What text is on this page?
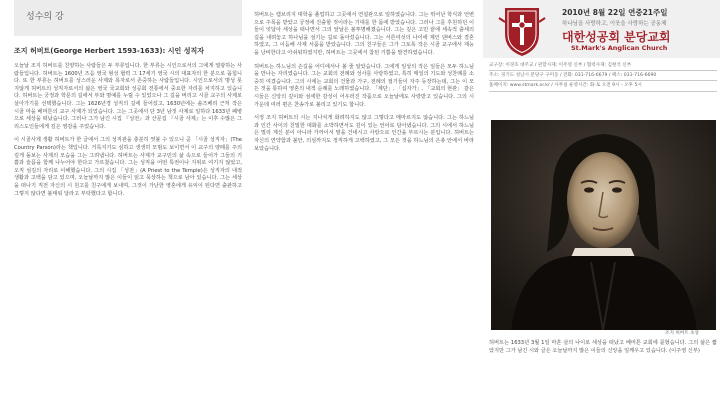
성수의 강
조지 허버트(George Herbert 1593-1633): 시인 성직자

오늘날 조지 허버트를 친양하는 사람들은 두 부류입니다. 한 부류는 시인으로서의 그에게 열광하는 사람들입니다. 허버트는 1600년 즈음 영국 형성 협력 그 17세기 영국 시의 대표자의 한 분으로 꼽힙니다. 또 한 부류는 허버트를 성스러운 사제와 목자로서 존중하는 사람들입니다. 시인으로서의 명성 못지않게 허버트의 성직자로서의 삶은 영국 국교회와 성공회 전통에서 중요한 자리를 차지하고 있습니다. 허버트는 궁정과 학문의 길에서 부와 명예를 누릴 수 있었으나 그 길을 버리고 시골 교구의 사제로 살아가기를 선택했습니다. 그는 1626년경 성직의 길에 들어섰고, 1630년에는 솔즈베리 근처 작은 시골 마을 베머튼의 교구 사제가 되었습니다. 그는 그곳에서 단 3년 남짓 사제로 일하다 1633년 폐병으로 세상을 떠났습니다. 그러나 그가 남긴 시집 『성전』과 산문집 『시골 사제』는 이후 수많은 그리스도인들에게 깊은 영감을 주었습니다.

이 시골사제 생활 허버트가 한 글에서 그의 성직관을 충분히 엿볼 수 있으니 곧 「시골 성직자」(The Country Parson)라는 책입니다. 거룩지기도 심하고 생생히 모범도 보이면서 이 교구의 양떼를 주의 깊게 돌보는 사제의 모습을 그는 그려냅니다. 허버트는 사제가 교구민의 삶 속으로 들어가 그들의 기쁨과 슬픔을 함께 나누어야 한다고 가르쳤습니다. 그는 성직을 어떤 특권이나 지위로 여기지 않았고, 오직 섬김의 자리로 이해했습니다. 그의 시집 「성전」(A Priest to the Temple)은 성직자의 내적 생활과 고백을 담고 있으며, 오늘날까지 많은 이들이 읽고 묵상하는 책으로 남아 있습니다. 그는 세상을 떠나기 직전 자신의 시 원고를 친구에게 보내며, 그것이 가난한 영혼에게 유익이 된다면 출판하고 그렇지 않다면 불태워 달라고 부탁했다고 합니다.

허버트는 캠브리지 대학을 졸업하고 그곳에서 연설관으로 일하였습니다. 그는 뛰어난 학식과 언변으로 주목을 받았고 궁정에 진출할 것이라는 기대를 한 몸에 받았습니다. 그러나 그를 후원하던 이들이 잇달아 세상을 떠나면서 그의 앞날은 불투명해졌습니다. 그는 깊은 고민 끝에 세속적 출세의 길을 내려놓고 하나님을 섬기는 길로 돌아섰습니다. 그는 서른여섯의 나이에 제인 댄버스와 결혼하였고, 그 이듬해 사제 서품을 받았습니다. 그의 친구들은 그가 그토록 작은 시골 교구에서 재능을 낭비한다고 아쉬워하였지만, 허버트는 그곳에서 참된 기쁨을 발견하였습니다.

허버트는 하느님의 손길을 어디에서나 볼 줄 알았습니다. 그에게 일상의 작은 일들은 모두 하느님을 만나는 자리였습니다. 그는 교회의 전례와 성사를 사랑하였고, 특히 매일의 기도와 성찬례를 소중히 여겼습니다. 그의 시에는 교회의 건물과 가구, 전례의 절기들이 자주 등장하는데, 그는 이 모든 것을 통하여 영혼의 내적 순례를 노래하였습니다. 「제단」, 「십자가」, 「교회의 현관」 같은 시들은 신앙의 깊이와 섬세한 감성이 어우러진 작품으로 오늘날에도 사랑받고 있습니다. 그의 시 가운데 여러 편은 찬송가로 불리고 있기도 합니다.

서정 조지 허버트의 시는 지나치게 화려하지도 않고 그렇다고 메마르지도 않습니다. 그는 하느님과 인간 사이의 친밀한 대화를 소박하면서도 깊이 있는 언어로 담아냈습니다. 그의 시에서 하느님은 멀리 계신 분이 아니라 가까이서 말을 건네시고 사랑으로 인간을 부르시는 분입니다. 허버트는 자신의 연약함과 불안, 의심까지도 정직하게 고백하였고, 그 모든 것을 하느님의 은총 안에서 바라보았습니다.

2010년 8월 22일 연중21주일
하나님을 사랑하고, 이웃을 사랑하는 공동체
대한성공회 분당교회
St.Mark's Anglican Church
교구장: 이경호 대주교 / 관할사제: 이주영 신부 / 협력사제: 김현석 신부
주소: 경기도 성남시 분당구 구미동 / 전화: 031-716-6679 / 팩스: 031-716-6690
홈페이지: www.stmark.or.kr / 사무실 운영시간: 화-토 오전 9시 - 오후 5시
조지 허버트 초상

허버트는 1633년 3월 1일 마흔 살의 나이로 세상을 떠났고 베머튼 교회에 묻혔습니다. 그의 삶은 짧았지만 그가 남긴 시와 글은 오늘날까지 많은 이들의 신앙을 일깨우고 있습니다. (이주영 신부)
